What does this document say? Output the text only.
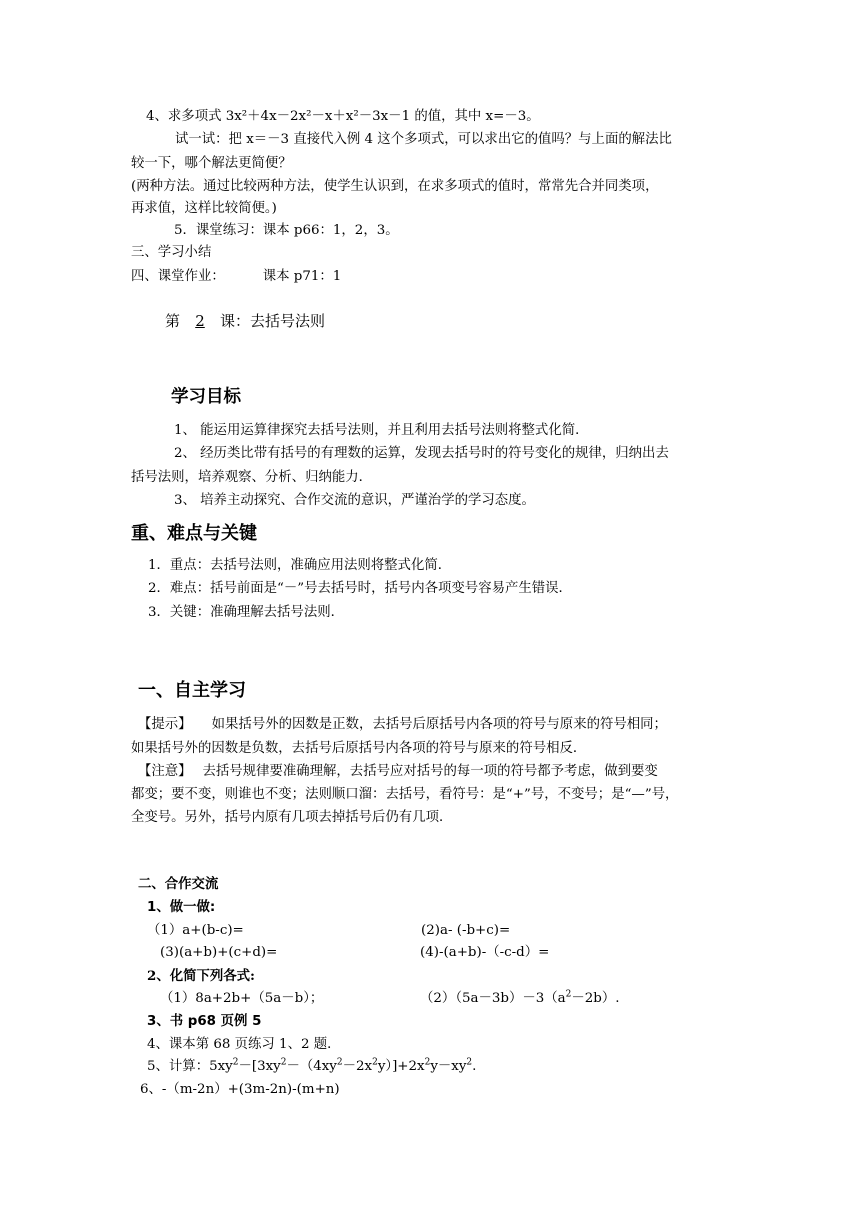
4、求多项式 3x²＋4x－2x²－x＋x²－3x－1 的值，其中 x=－3。
试一试：把 x＝－3 直接代入例 4 这个多项式，可以求出它的值吗？与上面的解法比
较一下，哪个解法更简便？
(两种方法。通过比较两种方法，使学生认识到，在求多项式的值时，常常先合并同类项，
再求值，这样比较简便。)
5．课堂练习：课本 p66：1，2，3。
三、学习小结
四、课堂作业：	课本 p71：1
第 2 课：去括号法则
学习目标
1、 能运用运算律探究去括号法则，并且利用去括号法则将整式化简．
2、 经历类比带有括号的有理数的运算，发现去括号时的符号变化的规律，归纳出去
括号法则，培养观察、分析、归纳能力．
3、 培养主动探究、合作交流的意识，严谨治学的学习态度。
重、难点与关键
1．重点：去括号法则，准确应用法则将整式化简．
2．难点：括号前面是“－”号去括号时，括号内各项变号容易产生错误．
3．关键：准确理解去括号法则．
一、自主学习
【提示】　　如果括号外的因数是正数，去括号后原括号内各项的符号与原来的符号相同；
如果括号外的因数是负数，去括号后原括号内各项的符号与原来的符号相反．
【注意】　 去括号规律要准确理解，去括号应对括号的每一项的符号都予考虑，做到要变
都变；要不变，则谁也不变；法则顺口溜：去括号，看符号：是“+”号，不变号；是“—”号，
全变号。另外，括号内原有几项去掉括号后仍有几项．
二、合作交流
1、做一做:
（1）a+(b-c)=	(2)a- (-b+c)=
(3)(a+b)+(c+d)=	(4)-(a+b)-（-c-d）=
2、化简下列各式:
（1）8a+2b+（5a－b）；	$(2)(5a-3b)-3(a^2-2b)$.
3、书 p68 页例 5
4、课本第 68 页练习 1、2 题．
5、计算：$5xy^2-[3xy^2-(4xy^2-2x^2y)]+2x^2y-xy^2$.
6、-（m-2n）+(3m-2n)-(m+n)
